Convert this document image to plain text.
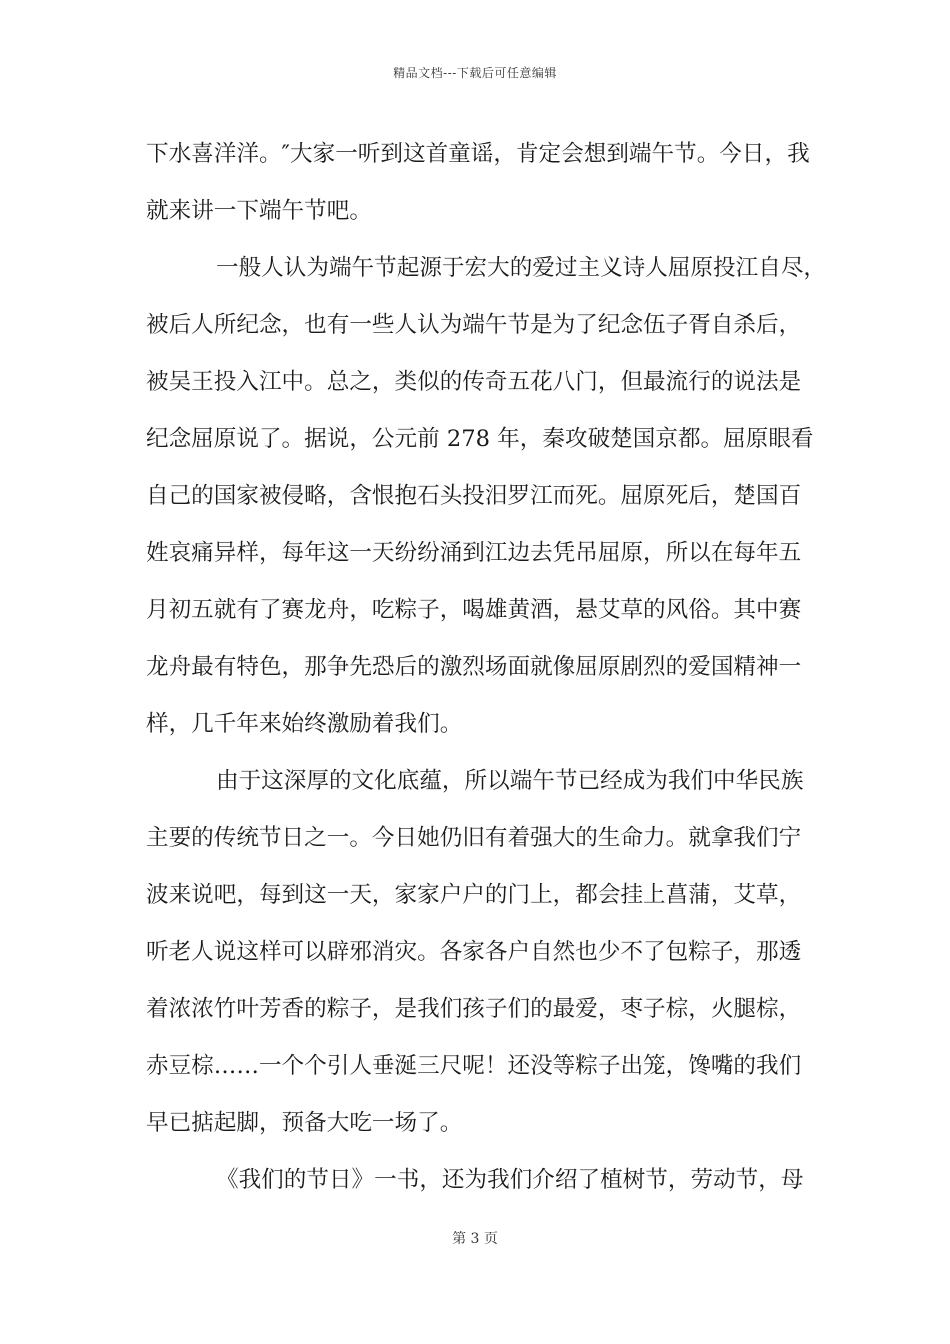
精品文档---下载后可任意编辑
下水喜洋洋。″大家一听到这首童谣，肯定会想到端午节。今日，我
就来讲一下端午节吧。
一般人认为端午节起源于宏大的爱过主义诗人屈原投江自尽，
被后人所纪念，也有一些人认为端午节是为了纪念伍子胥自杀后，
被吴王投入江中。总之，类似的传奇五花八门，但最流行的说法是
纪念屈原说了。据说，公元前 278 年，秦攻破楚国京都。屈原眼看
自己的国家被侵略，含恨抱石头投汨罗江而死。屈原死后，楚国百
姓哀痛异样，每年这一天纷纷涌到江边去凭吊屈原，所以在每年五
月初五就有了赛龙舟，吃粽子，喝雄黄酒，悬艾草的风俗。其中赛
龙舟最有特色，那争先恐后的激烈场面就像屈原剧烈的爱国精神一
样，几千年来始终激励着我们。
由于这深厚的文化底蕴，所以端午节已经成为我们中华民族
主要的传统节日之一。今日她仍旧有着强大的生命力。就拿我们宁
波来说吧，每到这一天，家家户户的门上，都会挂上菖蒲，艾草，
听老人说这样可以辟邪消灾。各家各户自然也少不了包粽子，那透
着浓浓竹叶芳香的粽子，是我们孩子们的最爱，枣子棕，火腿棕，
赤豆棕……一个个引人垂涎三尺呢！还没等粽子出笼，馋嘴的我们
早已掂起脚，预备大吃一场了。
《我们的节日》一书，还为我们介绍了植树节，劳动节，母
第 3 页
